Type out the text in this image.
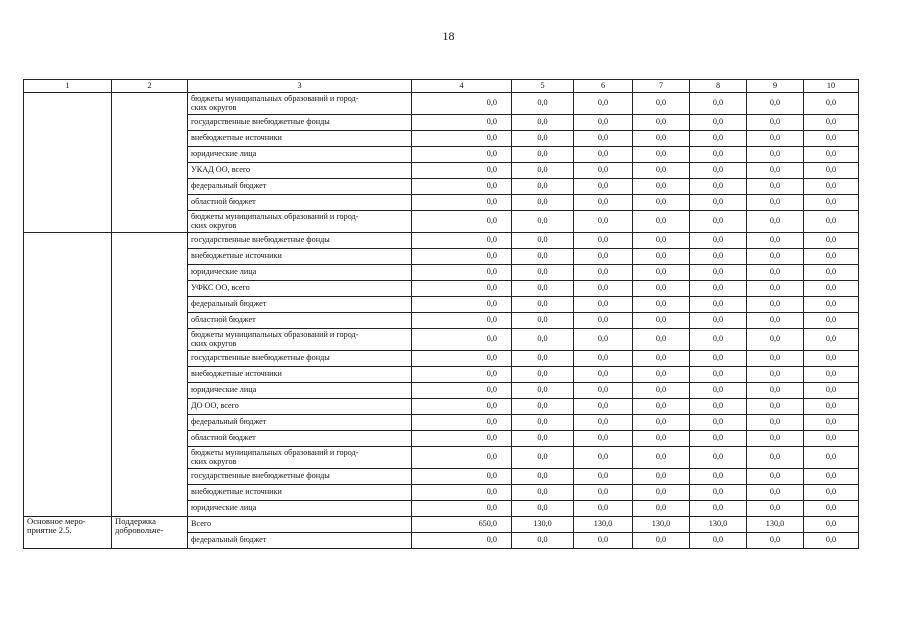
18
1	2	3	4	5	6	7	8	9	10
		бюджеты муниципальных образований и город-
ских округов	0,0	0,0	0,0	0,0	0,0	0,0	0,0
		государственные внебюджетные фонды	0,0	0,0	0,0	0,0	0,0	0,0	0,0
		внебюджетные источники	0,0	0,0	0,0	0,0	0,0	0,0	0,0
		юридические лица	0,0	0,0	0,0	0,0	0,0	0,0	0,0
		УКАД ОО, всего	0,0	0,0	0,0	0,0	0,0	0,0	0,0
		федеральный бюджет	0,0	0,0	0,0	0,0	0,0	0,0	0,0
		областной бюджет	0,0	0,0	0,0	0,0	0,0	0,0	0,0
		бюджеты муниципальных образований и город-
ских округов	0,0	0,0	0,0	0,0	0,0	0,0	0,0
		государственные внебюджетные фонды	0,0	0,0	0,0	0,0	0,0	0,0	0,0
		внебюджетные источники	0,0	0,0	0,0	0,0	0,0	0,0	0,0
		юридические лица	0,0	0,0	0,0	0,0	0,0	0,0	0,0
		УФКС ОО, всего	0,0	0,0	0,0	0,0	0,0	0,0	0,0
		федеральный бюджет	0,0	0,0	0,0	0,0	0,0	0,0	0,0
		областной бюджет	0,0	0,0	0,0	0,0	0,0	0,0	0,0
		бюджеты муниципальных образований и город-
ских округов	0,0	0,0	0,0	0,0	0,0	0,0	0,0
		государственные внебюджетные фонды	0,0	0,0	0,0	0,0	0,0	0,0	0,0
		внебюджетные источники	0,0	0,0	0,0	0,0	0,0	0,0	0,0
		юридические лица	0,0	0,0	0,0	0,0	0,0	0,0	0,0
		ДО ОО, всего	0,0	0,0	0,0	0,0	0,0	0,0	0,0
		федеральный бюджет	0,0	0,0	0,0	0,0	0,0	0,0	0,0
		областной бюджет	0,0	0,0	0,0	0,0	0,0	0,0	0,0
		бюджеты муниципальных образований и город-
ских округов	0,0	0,0	0,0	0,0	0,0	0,0	0,0
		государственные внебюджетные фонды	0,0	0,0	0,0	0,0	0,0	0,0	0,0
		внебюджетные источники	0,0	0,0	0,0	0,0	0,0	0,0	0,0
		юридические лица	0,0	0,0	0,0	0,0	0,0	0,0	0,0
Основное меро-
приятие 2.5.	Поддержка
добровольче-	Всего	650,0	130,0	130,0	130,0	130,0	130,0	0,0
		федеральный бюджет	0,0	0,0	0,0	0,0	0,0	0,0	0,0
